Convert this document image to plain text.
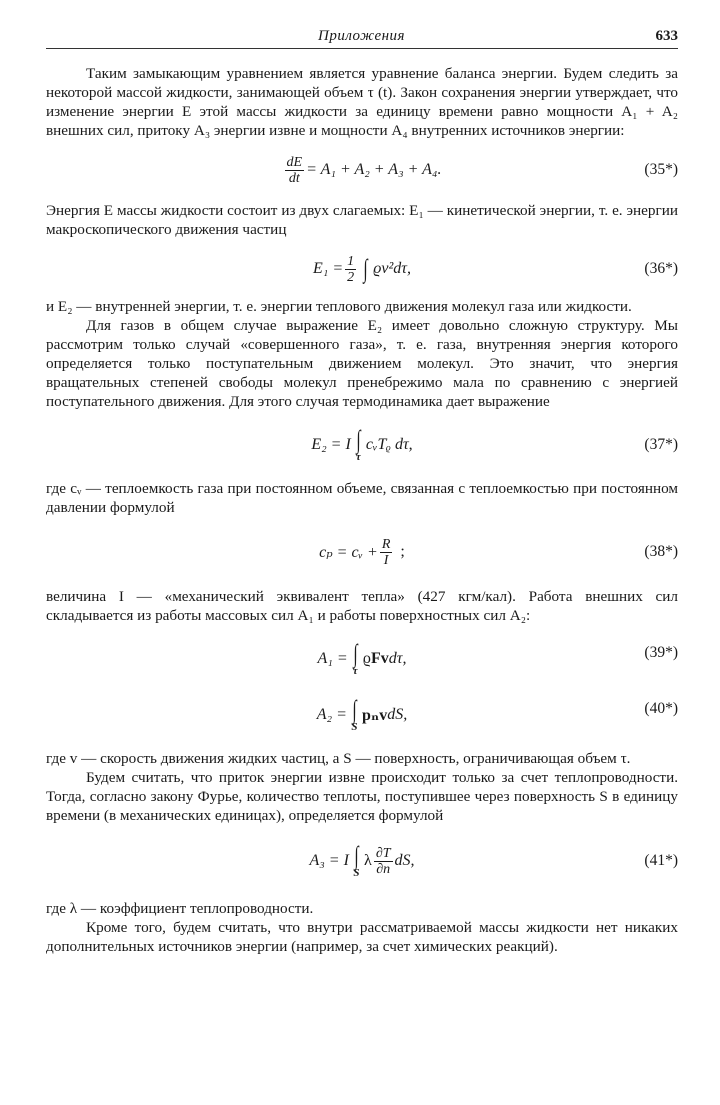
Приложения	633

Таким замыкающим уравнением является уравнение баланса энергии. Будем следить за некоторой массой жидкости, занимающей объем τ (t). Закон сохранения энергии утверждает, что изменение энергии E этой массы жидкости за единицу времени равно мощности A₁ + A₂ внешних сил, притоку A₃ энергии извне и мощности A₄ внутренних источников энергии:

$\frac{dE}{dt} = A_1 + A_2 + A_3 + A_4$.	(35*)

Энергия E массы жидкости состоит из двух слагаемых: E₁ — кинетической энергии, т. е. энергии макроскопического движения частиц

$E_1 = \frac{1}{2}$ ∫ ϱv²dτ,	(36*)

и E₂ — внутренней энергии, т. е. энергии теплового движения молекул газа или жидкости.

Для газов в общем случае выражение E₂ имеет довольно сложную структуру. Мы рассмотрим только случай «совершенного газа», т. е. газа, внутренняя энергия которого определяется только поступательным движением молекул. Это значит, что энергия вращательных степеней свободы молекул пренебрежимо мала по сравнению с энергией поступательного движения. Для этого случая термодинамика дает выражение

E₂ = I ∫
τ
cᵥTᵨ dτ,	(37*)

где cᵥ — теплоемкость газа при постоянном объеме, связанная с теплоемкостью при постоянном давлении формулой

cₚ = cᵥ + $\frac{R}{I}$ ;	(38*)

величина I — «механический эквивалент тепла» (427 кгм/кал). Работа внешних сил складывается из работы массовых сил A₁ и работы поверхностных сил A₂:

A₁ = ∫
τ
ϱ Fv dτ,	(39*)
A₂ = ∫
S
pₙv dS,	(40*)

где v — скорость движения жидких частиц, а S — поверхность, ограничивающая объем τ.

Будем считать, что приток энергии извне происходит только за счет теплопроводности. Тогда, согласно закону Фурье, количество теплоты, поступившее через поверхность S в единицу времени (в механических единицах), определяется формулой

A₃ = I ∫
S
λ $\frac{\partial T}{\partial n}$ dS,	(41*)

где λ — коэффициент теплопроводности.

Кроме того, будем считать, что внутри рассматриваемой массы жидкости нет никаких дополнительных источников энергии (например, за счет химических реакций).
